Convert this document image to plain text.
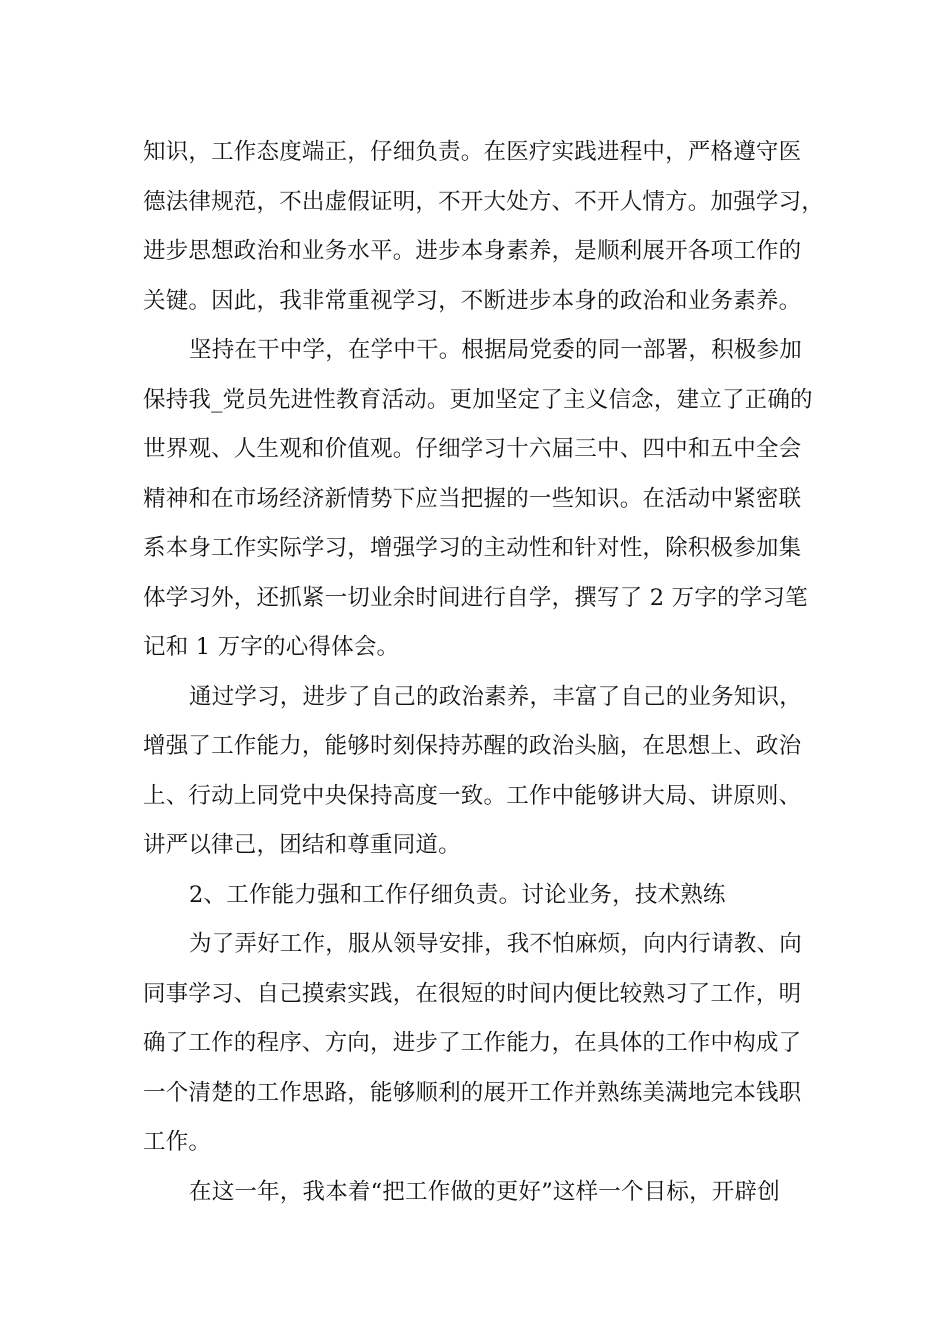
知识，工作态度端正，仔细负责。在医疗实践进程中，严格遵守医
德法律规范，不出虚假证明，不开大处方、不开人情方。加强学习，
进步思想政治和业务水平。进步本身素养，是顺利展开各项工作的
关键。因此，我非常重视学习，不断进步本身的政治和业务素养。
坚持在干中学，在学中干。根据局党委的同一部署，积极参加
保持我_党员先进性教育活动。更加坚定了主义信念，建立了正确的
世界观、人生观和价值观。仔细学习十六届三中、四中和五中全会
精神和在市场经济新情势下应当把握的一些知识。在活动中紧密联
系本身工作实际学习，增强学习的主动性和针对性，除积极参加集
体学习外，还抓紧一切业余时间进行自学，撰写了 2 万字的学习笔
记和 1 万字的心得体会。
通过学习，进步了自己的政治素养，丰富了自己的业务知识，
增强了工作能力，能够时刻保持苏醒的政治头脑，在思想上、政治
上、行动上同党中央保持高度一致。工作中能够讲大局、讲原则、
讲严以律己，团结和尊重同道。
2、工作能力强和工作仔细负责。讨论业务，技术熟练
为了弄好工作，服从领导安排，我不怕麻烦，向内行请教、向
同事学习、自己摸索实践，在很短的时间内便比较熟习了工作，明
确了工作的程序、方向，进步了工作能力，在具体的工作中构成了
一个清楚的工作思路，能够顺利的展开工作并熟练美满地完本钱职
工作。
在这一年，我本着“把工作做的更好”这样一个目标，开辟创
